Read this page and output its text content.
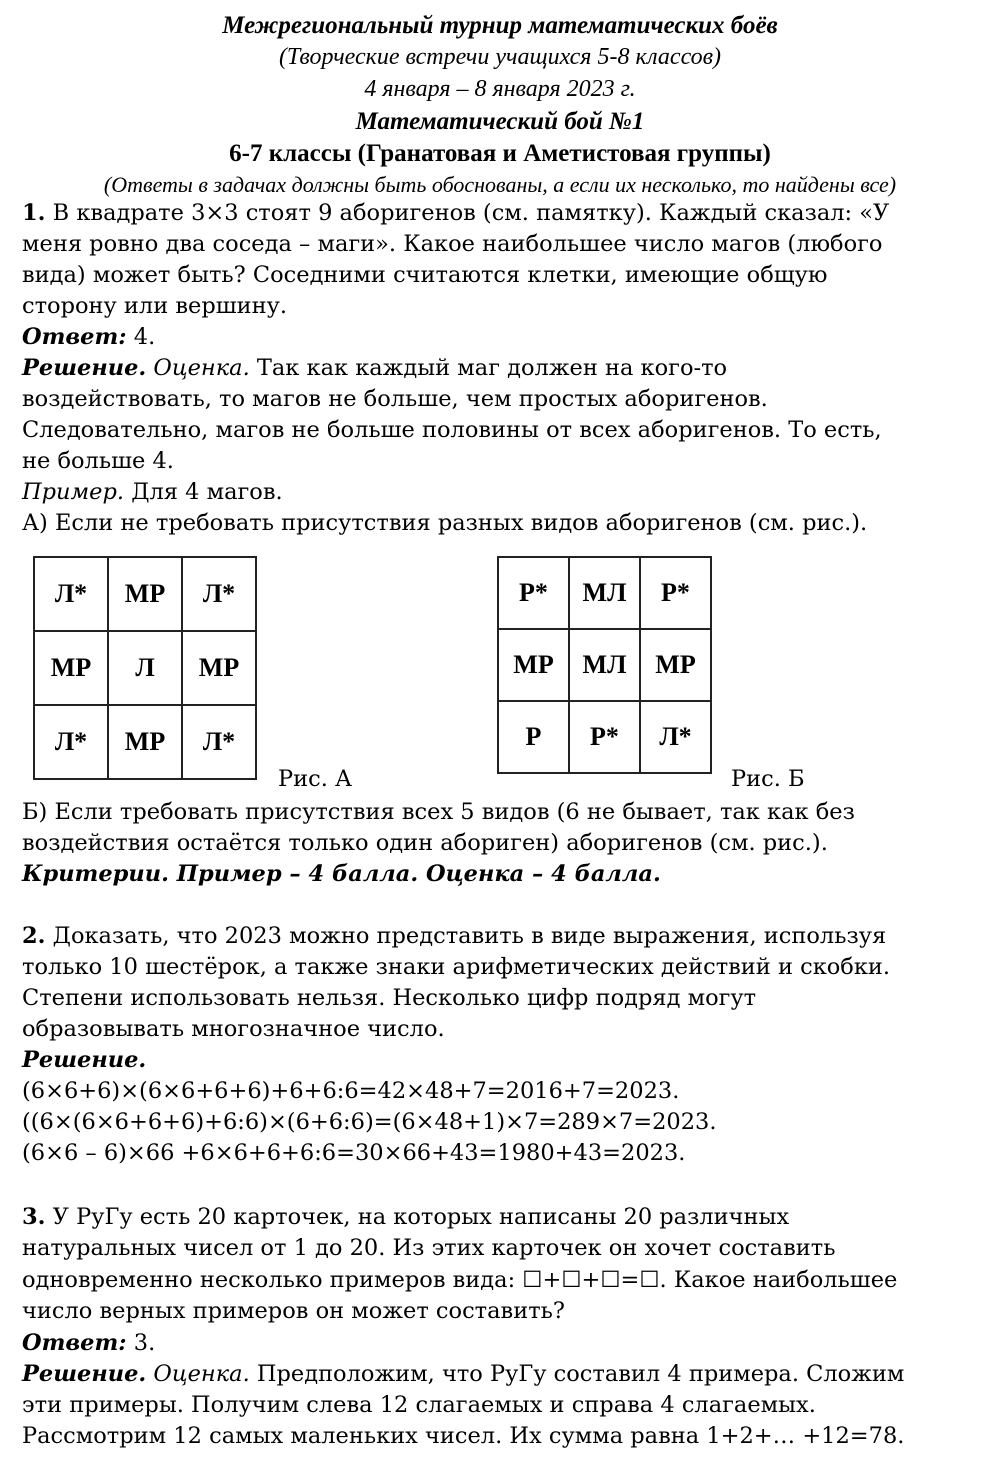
Межрегиональный турнир математических боёв
(Творческие встречи учащихся 5-8 классов)
4 января – 8 января 2023 г.
Математический бой №1
6-7 классы (Гранатовая и Аметистовая группы)
(Ответы в задачах должны быть обоснованы, а если их несколько, то найдены все)
1. В квадрате 3×3 стоят 9 аборигенов (см. памятку). Каждый сказал: «У
меня ровно два соседа – маги». Какое наибольшее число магов (любого
вида) может быть? Соседними считаются клетки, имеющие общую
сторону или вершину.
Ответ: 4.
Решение. Оценка. Так как каждый маг должен на кого-то
воздействовать, то магов не больше, чем простых аборигенов.
Следовательно, магов не больше половины от всех аборигенов. То есть,
не больше 4.
Пример. Для 4 магов.
А) Если не требовать присутствия разных видов аборигенов (см. рис.).
Л*	МР	Л*
МР	Л	МР
Л*	МР	Л*
Рис. А
Р*	МЛ	Р*
МР	МЛ	МР
Р	Р*	Л*
Рис. Б
Б) Если требовать присутствия всех 5 видов (6 не бывает, так как без
воздействия остаётся только один абориген) аборигенов (см. рис.).
Критерии. Пример – 4 балла. Оценка – 4 балла.
2. Доказать, что 2023 можно представить в виде выражения, используя
только 10 шестёрок, а также знаки арифметических действий и скобки.
Степени использовать нельзя. Несколько цифр подряд могут
образовывать многозначное число.
Решение.
(6×6+6)×(6×6+6+6)+6+6:6=42×48+7=2016+7=2023.
((6×(6×6+6+6)+6:6)×(6+6:6)=(6×48+1)×7=289×7=2023.
(6×6 – 6)×66 +6×6+6+6:6=30×66+43=1980+43=2023.
3. У РуГу есть 20 карточек, на которых написаны 20 различных
натуральных чисел от 1 до 20. Из этих карточек он хочет составить
одновременно несколько примеров вида: ☐+☐+☐=☐. Какое наибольшее
число верных примеров он может составить?
Ответ: 3.
Решение. Оценка. Предположим, что РуГу составил 4 примера. Сложим
эти примеры. Получим слева 12 слагаемых и справа 4 слагаемых.
Рассмотрим 12 самых маленьких чисел. Их сумма равна 1+2+… +12=78.
